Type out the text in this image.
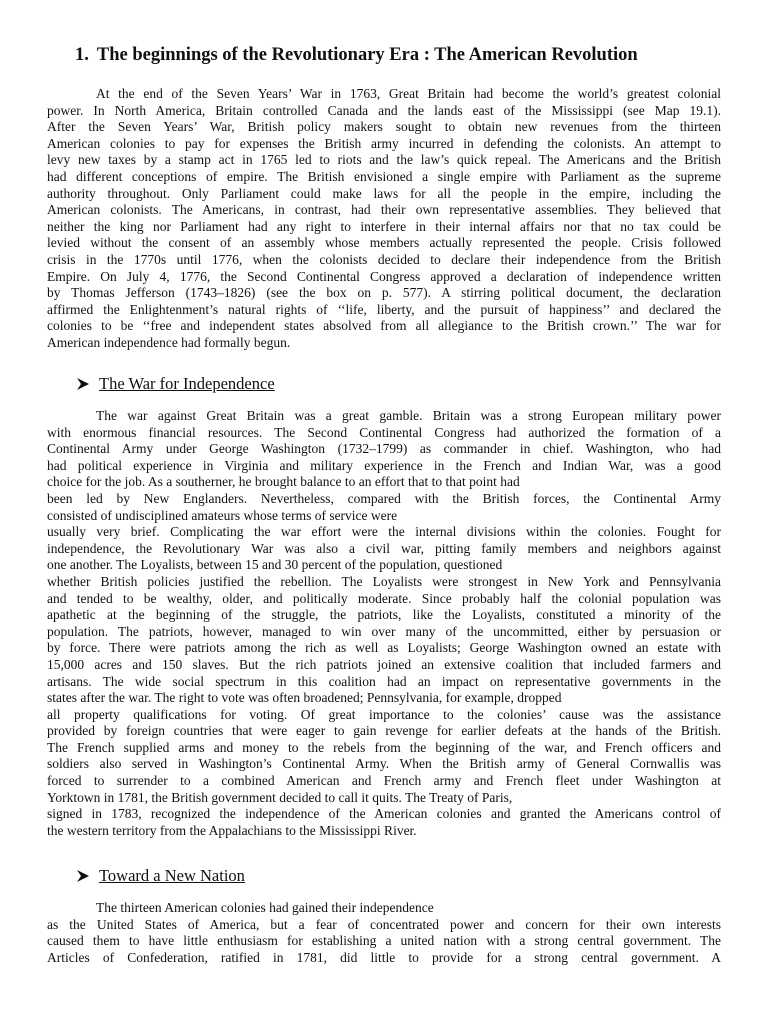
1. The beginnings of the Revolutionary Era : The American Revolution
At the end of the Seven Years’ War in 1763, Great Britain had become the world’s greatest colonial
power. In North America, Britain controlled Canada and the lands east of the Mississippi (see Map 19.1).
After the Seven Years’ War, British policy makers sought to obtain new revenues from the thirteen
American colonies to pay for expenses the British army incurred in defending the colonists. An attempt to
levy new taxes by a stamp act in 1765 led to riots and the law’s quick repeal. The Americans and the British
had different conceptions of empire. The British envisioned a single empire with Parliament as the supreme
authority throughout. Only Parliament could make laws for all the people in the empire, including the
American colonists. The Americans, in contrast, had their own representative assemblies. They believed that
neither the king nor Parliament had any right to interfere in their internal affairs nor that no tax could be
levied without the consent of an assembly whose members actually represented the people. Crisis followed
crisis in the 1770s until 1776, when the colonists decided to declare their independence from the British
Empire. On July 4, 1776, the Second Continental Congress approved a declaration of independence written
by Thomas Jefferson (1743–1826) (see the box on p. 577). A stirring political document, the declaration
affirmed the Enlightenment’s natural rights of ‘‘life, liberty, and the pursuit of happiness’’ and declared the
colonies to be ‘‘free and independent states absolved from all allegiance to the British crown.’’ The war for
American independence had formally begun.
The War for Independence
The war against Great Britain was a great gamble. Britain was a strong European military power
with enormous financial resources. The Second Continental Congress had authorized the formation of a
Continental Army under George Washington (1732–1799) as commander in chief. Washington, who had
had political experience in Virginia and military experience in the French and Indian War, was a good
choice for the job. As a southerner, he brought balance to an effort that to that point had
been led by New Englanders. Nevertheless, compared with the British forces, the Continental Army
consisted of undisciplined amateurs whose terms of service were
usually very brief. Complicating the war effort were the internal divisions within the colonies. Fought for
independence, the Revolutionary War was also a civil war, pitting family members and neighbors against
one another. The Loyalists, between 15 and 30 percent of the population, questioned
whether British policies justified the rebellion. The Loyalists were strongest in New York and Pennsylvania
and tended to be wealthy, older, and politically moderate. Since probably half the colonial population was
apathetic at the beginning of the struggle, the patriots, like the Loyalists, constituted a minority of the
population. The patriots, however, managed to win over many of the uncommitted, either by persuasion or
by force. There were patriots among the rich as well as Loyalists; George Washington owned an estate with
15,000 acres and 150 slaves. But the rich patriots joined an extensive coalition that included farmers and
artisans. The wide social spectrum in this coalition had an impact on representative governments in the
states after the war. The right to vote was often broadened; Pennsylvania, for example, dropped
all property qualifications for voting. Of great importance to the colonies’ cause was the assistance
provided by foreign countries that were eager to gain revenge for earlier defeats at the hands of the British.
The French supplied arms and money to the rebels from the beginning of the war, and French officers and
soldiers also served in Washington’s Continental Army. When the British army of General Cornwallis was
forced to surrender to a combined American and French army and French fleet under Washington at
Yorktown in 1781, the British government decided to call it quits. The Treaty of Paris,
signed in 1783, recognized the independence of the American colonies and granted the Americans control of
the western territory from the Appalachians to the Mississippi River.
Toward a New Nation
The thirteen American colonies had gained their independence
as the United States of America, but a fear of concentrated power and concern for their own interests
caused them to have little enthusiasm for establishing a united nation with a strong central government. The
Articles of Confederation, ratified in 1781, did little to provide for a strong central government. A
